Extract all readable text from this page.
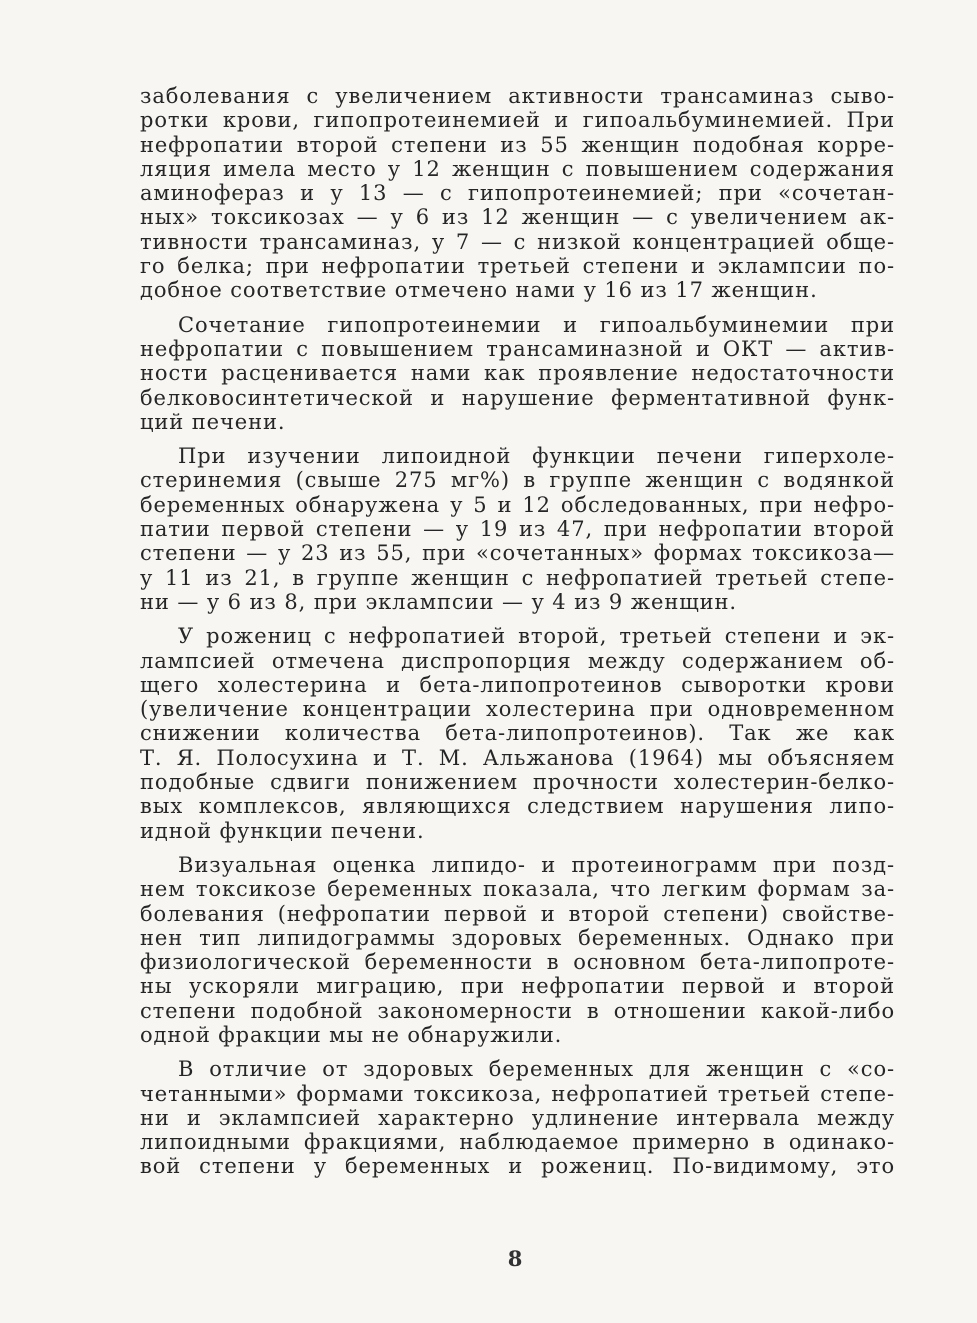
заболевания с увеличением активности трансаминаз сыво-
ротки крови, гипопротеинемией и гипоальбуминемией. При
нефропатии второй степени из 55 женщин подобная корре-
ляция имела место у 12 женщин с повышением содержания
аминофераз и у 13 — с гипопротеинемией; при «сочетан-
ных» токсикозах — у 6 из 12 женщин — с увеличением ак-
тивности трансаминаз, у 7 — с низкой концентрацией обще-
го белка; при нефропатии третьей степени и эклампсии по-
добное соответствие отмечено нами у 16 из 17 женщин.

Сочетание гипопротеинемии и гипоальбуминемии при
нефропатии с повышением трансаминазной и ОКТ — актив-
ности расценивается нами как проявление недостаточности
белковосинтетической и нарушение ферментативной функ-
ций печени.

При изучении липоидной функции печени гиперхоле-
стеринемия (свыше 275 мг%) в группе женщин с водянкой
беременных обнаружена у 5 и 12 обследованных, при нефро-
патии первой степени — у 19 из 47, при нефропатии второй
степени — у 23 из 55, при «сочетанных» формах токсикоза—
у 11 из 21, в группе женщин с нефропатией третьей степе-
ни — у 6 из 8, при эклампсии — у 4 из 9 женщин.

У рожениц с нефропатией второй, третьей степени и эк-
лампсией отмечена диспропорция между содержанием об-
щего холестерина и бета-липопротеинов сыворотки крови
(увеличение концентрации холестерина при одновременном
снижении количества бета-липопротеинов). Так же как
Т. Я. Полосухина и Т. М. Альжанова (1964) мы объясняем
подобные сдвиги понижением прочности холестерин-белко-
вых комплексов, являющихся следствием нарушения липо-
идной функции печени.

Визуальная оценка липидо- и протеинограмм при позд-
нем токсикозе беременных показала, что легким формам за-
болевания (нефропатии первой и второй степени) свойстве-
нен тип липидограммы здоровых беременных. Однако при
физиологической беременности в основном бета-липопроте-
ны ускоряли миграцию, при нефропатии первой и второй
степени подобной закономерности в отношении какой-либо
одной фракции мы не обнаружили.

В отличие от здоровых беременных для женщин с «со-
четанными» формами токсикоза, нефропатией третьей степе-
ни и эклампсией характерно удлинение интервала между
липоидными фракциями, наблюдаемое примерно в одинако-
вой степени у беременных и рожениц. По-видимому, это

8
